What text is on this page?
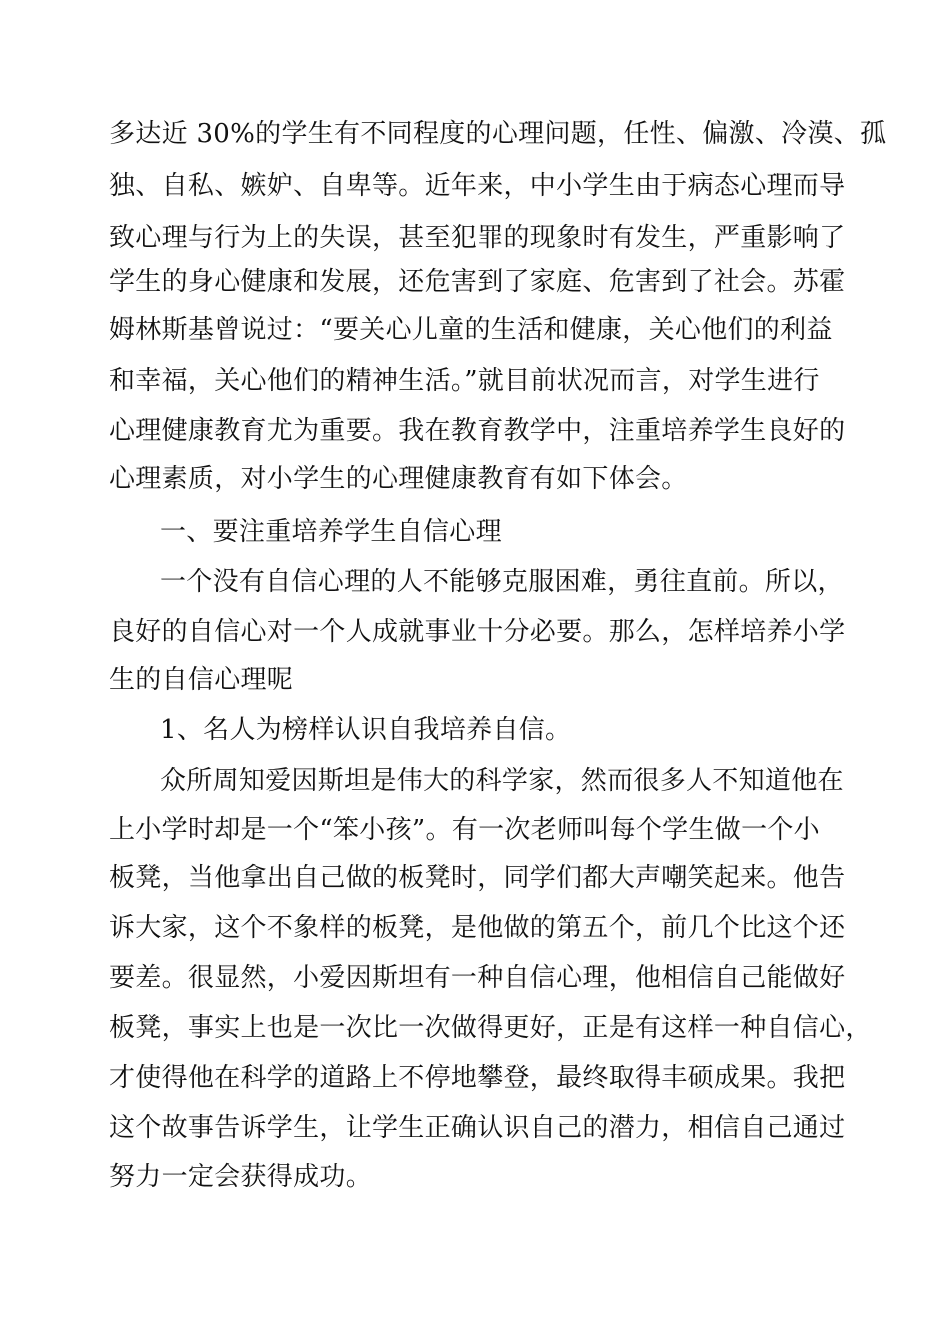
多达近 30%的学生有不同程度的心理问题，任性、偏激、冷漠、孤
独、自私、嫉妒、自卑等。近年来，中小学生由于病态心理而导
致心理与行为上的失误，甚至犯罪的现象时有发生，严重影响了
学生的身心健康和发展，还危害到了家庭、危害到了社会。苏霍
姆林斯基曾说过：“要关心儿童的生活和健康，关心他们的利益
和幸福，关心他们的精神生活。”就目前状况而言，对学生进行
心理健康教育尤为重要。我在教育教学中，注重培养学生良好的
心理素质，对小学生的心理健康教育有如下体会。
一、要注重培养学生自信心理
一个没有自信心理的人不能够克服困难，勇往直前。所以，
良好的自信心对一个人成就事业十分必要。那么，怎样培养小学
生的自信心理呢
1、名人为榜样认识自我培养自信。
众所周知爱因斯坦是伟大的科学家，然而很多人不知道他在
上小学时却是一个“笨小孩”。有一次老师叫每个学生做一个小
板凳，当他拿出自己做的板凳时，同学们都大声嘲笑起来。他告
诉大家，这个不象样的板凳，是他做的第五个，前几个比这个还
要差。很显然，小爱因斯坦有一种自信心理，他相信自己能做好
板凳，事实上也是一次比一次做得更好，正是有这样一种自信心，
才使得他在科学的道路上不停地攀登，最终取得丰硕成果。我把
这个故事告诉学生，让学生正确认识自己的潜力，相信自己通过
努力一定会获得成功。
